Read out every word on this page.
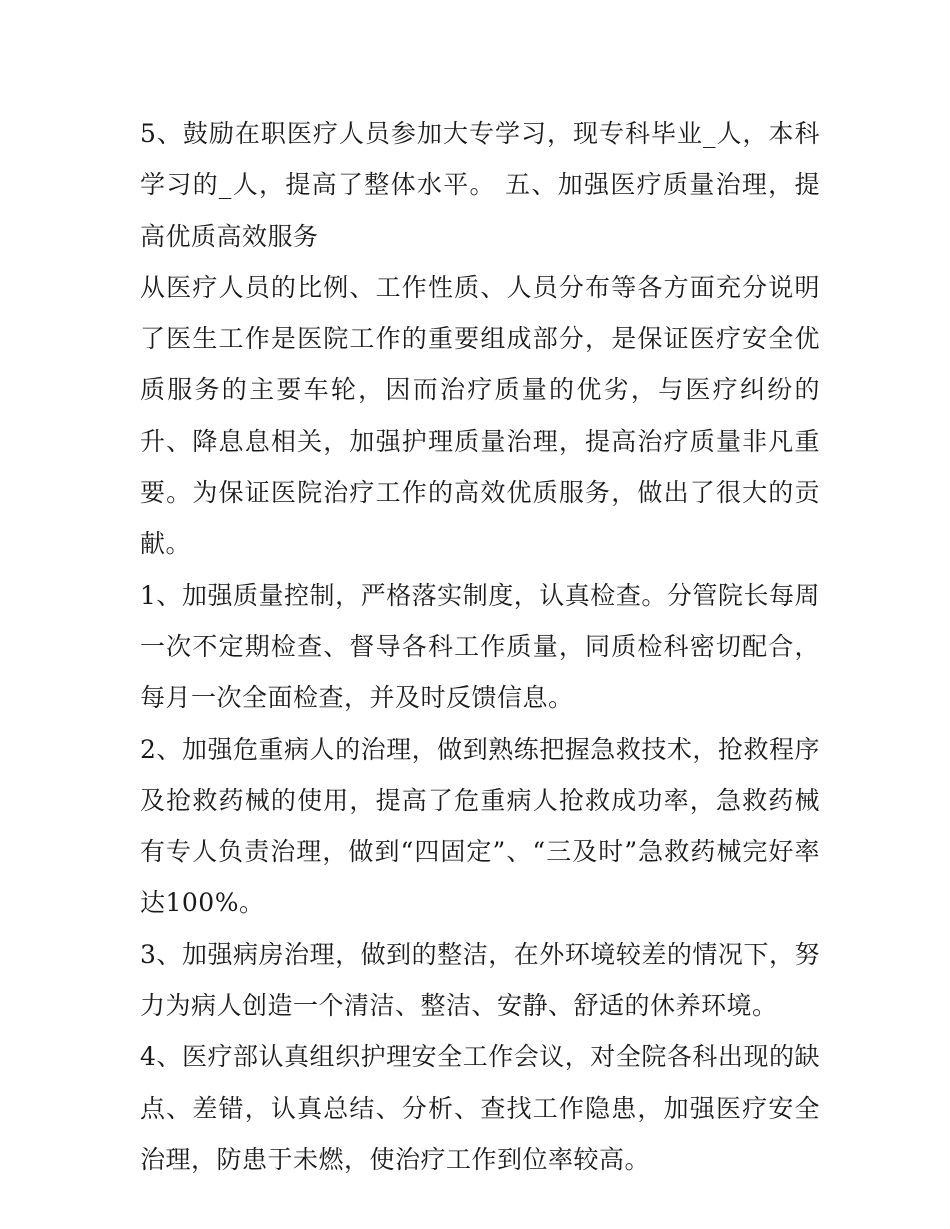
5、鼓励在职医疗人员参加大专学习，现专科毕业_人，本科学习的_人，提高了整体水平。 五、加强医疗质量治理，提高优质高效服务

从医疗人员的比例、工作性质、人员分布等各方面充分说明了医生工作是医院工作的重要组成部分，是保证医疗安全优质服务的主要车轮，因而治疗质量的优劣，与医疗纠纷的升、降息息相关，加强护理质量治理，提高治疗质量非凡重要。为保证医院治疗工作的高效优质服务，做出了很大的贡献。

1、加强质量控制，严格落实制度，认真检查。分管院长每周一次不定期检查、督导各科工作质量，同质检科密切配合，每月一次全面检查，并及时反馈信息。

2、加强危重病人的治理，做到熟练把握急救技术，抢救程序及抢救药械的使用，提高了危重病人抢救成功率，急救药械有专人负责治理，做到“四固定”、“三及时”急救药械完好率达100%。

3、加强病房治理，做到的整洁，在外环境较差的情况下，努力为病人创造一个清洁、整洁、安静、舒适的休养环境。

4、医疗部认真组织护理安全工作会议，对全院各科出现的缺点、差错，认真总结、分析、查找工作隐患，加强医疗安全治理，防患于未燃，使治疗工作到位率较高。
